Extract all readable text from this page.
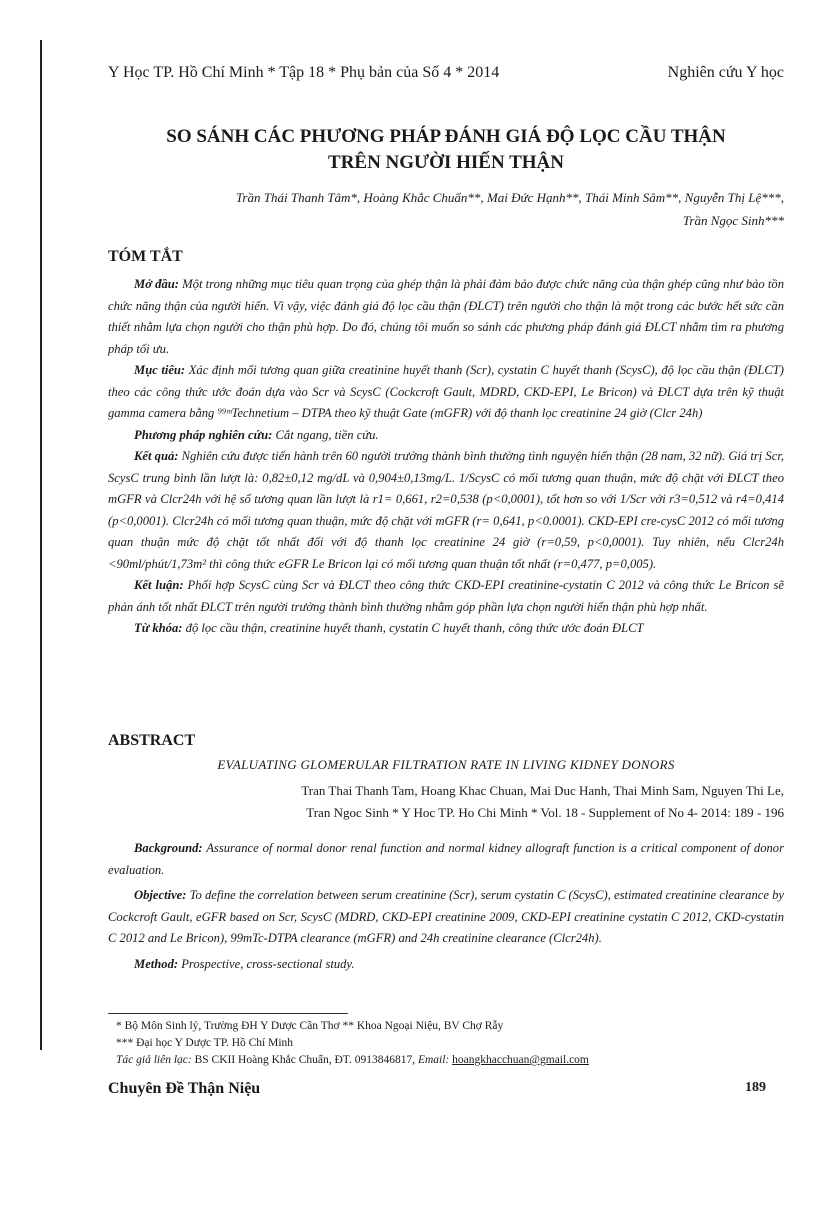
Y Học TP. Hồ Chí Minh * Tập 18 * Phụ bản của Số 4 * 2014	Nghiên cứu Y học
SO SÁNH CÁC PHƯƠNG PHÁP ĐÁNH GIÁ ĐỘ LỌC CẦU THẬN
TRÊN NGƯỜI HIẾN THẬN
Trần Thái Thanh Tâm*, Hoàng Khắc Chuẩn**, Mai Đức Hạnh**, Thái Minh Sâm**, Nguyễn Thị Lệ***,
Trần Ngọc Sinh***
TÓM TẮT

Mở đầu: Một trong những mục tiêu quan trọng của ghép thận là phải đảm bảo được chức năng của thận ghép cũng như bảo tồn chức năng thận của người hiến. Vì vậy, việc đánh giá độ lọc cầu thận (ĐLCT) trên người cho thận là một trong các bước hết sức cần thiết nhằm lựa chọn người cho thận phù hợp. Do đó, chúng tôi muốn so sánh các phương pháp đánh giá ĐLCT nhằm tìm ra phương pháp tối ưu.

Mục tiêu: Xác định mối tương quan giữa creatinine huyết thanh (Scr), cystatin C huyết thanh (ScysC), độ lọc cầu thận (ĐLCT) theo các công thức ước đoán dựa vào Scr và ScysC (Cockcroft Gault, MDRD, CKD-EPI, Le Bricon) và ĐLCT dựa trên kỹ thuật gamma camera bằng ⁹⁹ᵐTechnetium – DTPA theo kỹ thuật Gate (mGFR) với độ thanh lọc creatinine 24 giờ (Clcr 24h)

Phương pháp nghiên cứu: Cắt ngang, tiền cứu.

Kết quả: Nghiên cứu được tiến hành trên 60 người trưởng thành bình thường tình nguyện hiến thận (28 nam, 32 nữ). Giá trị Scr, ScysC trung bình lần lượt là: 0,82±0,12 mg/dL và 0,904±0,13mg/L. 1/ScysC có mối tương quan thuận, mức độ chặt với ĐLCT theo mGFR và Clcr24h với hệ số tương quan lần lượt là r1= 0,661, r2=0,538 (p<0,0001), tốt hơn so với 1/Scr với r3=0,512 và r4=0,414 (p<0,0001). Clcr24h có mối tương quan thuận, mức độ chặt với mGFR (r= 0,641, p<0.0001). CKD-EPI cre-cysC 2012 có mối tương quan thuận mức độ chặt tốt nhất đối với độ thanh lọc creatinine 24 giờ (r=0,59, p<0,0001). Tuy nhiên, nếu Clcr24h <90ml/phút/1,73m² thì công thức eGFR Le Bricon lại có mối tương quan thuận tốt nhất (r=0,477, p=0,005).

Kết luận: Phối hợp ScysC cùng Scr và ĐLCT theo công thức CKD-EPI creatinine-cystatin C 2012 và công thức Le Bricon sẽ phản ánh tốt nhất ĐLCT trên người trưởng thành bình thường nhằm góp phần lựa chọn người hiến thận phù hợp nhất.

Từ khóa: độ lọc cầu thận, creatinine huyết thanh, cystatin C huyết thanh, công thức ước đoán ĐLCT

ABSTRACT
EVALUATING GLOMERULAR FILTRATION RATE IN LIVING KIDNEY DONORS
Tran Thai Thanh Tam, Hoang Khac Chuan, Mai Duc Hanh, Thai Minh Sam, Nguyen Thi Le,
Tran Ngoc Sinh * Y Hoc TP. Ho Chi Minh * Vol. 18 - Supplement of No 4- 2014: 189 - 196

Background: Assurance of normal donor renal function and normal kidney allograft function is a critical component of donor evaluation.

Objective: To define the correlation between serum creatinine (Scr), serum cystatin C (ScysC), estimated creatinine clearance by Cockcroft Gault, eGFR based on Scr, ScysC (MDRD, CKD-EPI creatinine 2009, CKD-EPI creatinine cystatin C 2012, CKD-cystatin C 2012 and Le Bricon), 99mTc-DTPA clearance (mGFR) and 24h creatinine clearance (Clcr24h).

Method: Prospective, cross-sectional study.

* Bộ Môn Sinh lý, Trường ĐH Y Dược Cần Thơ ** Khoa Ngoại Niệu, BV Chợ Rẫy
*** Đại học Y Dược TP. Hồ Chí Minh
Tác giả liên lạc: BS CKII Hoàng Khắc Chuẩn, ĐT. 0913846817, Email: hoangkhacchuan@gmail.com
Chuyên Đề Thận Niệu	189
